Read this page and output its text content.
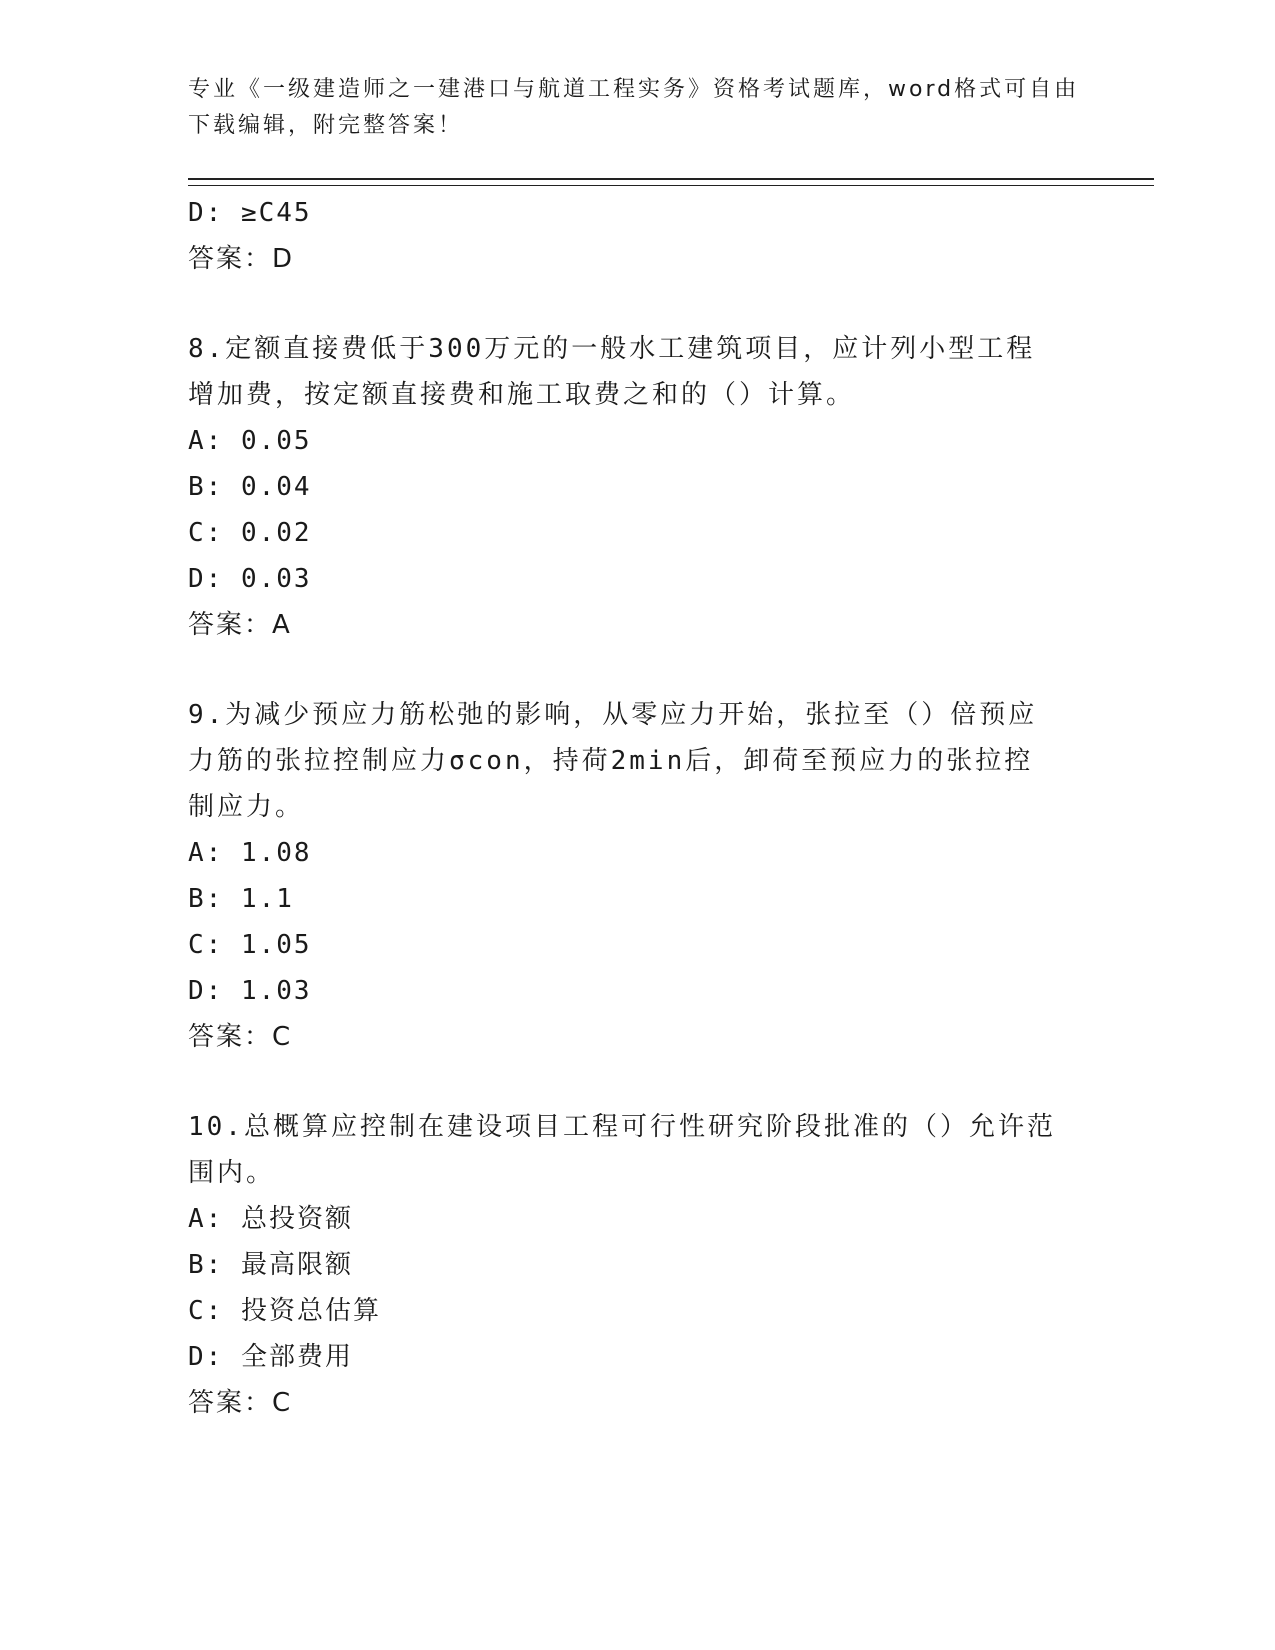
专业《一级建造师之一建港口与航道工程实务》资格考试题库，word格式可自由下载编辑，附完整答案！
D: ≥C45
答案：D
8.定额直接费低于300万元的一般水工建筑项目，应计列小型工程增加费，按定额直接费和施工取费之和的（）计算。
A: 0.05
B: 0.04
C: 0.02
D: 0.03
答案：A
9.为减少预应力筋松弛的影响，从零应力开始，张拉至（）倍预应力筋的张拉控制应力σcon，持荷2min后，卸荷至预应力的张拉控制应力。
A: 1.08
B: 1.1
C: 1.05
D: 1.03
答案：C
10.总概算应控制在建设项目工程可行性研究阶段批准的（）允许范围内。
A: 总投资额
B: 最高限额
C: 投资总估算
D: 全部费用
答案：C
